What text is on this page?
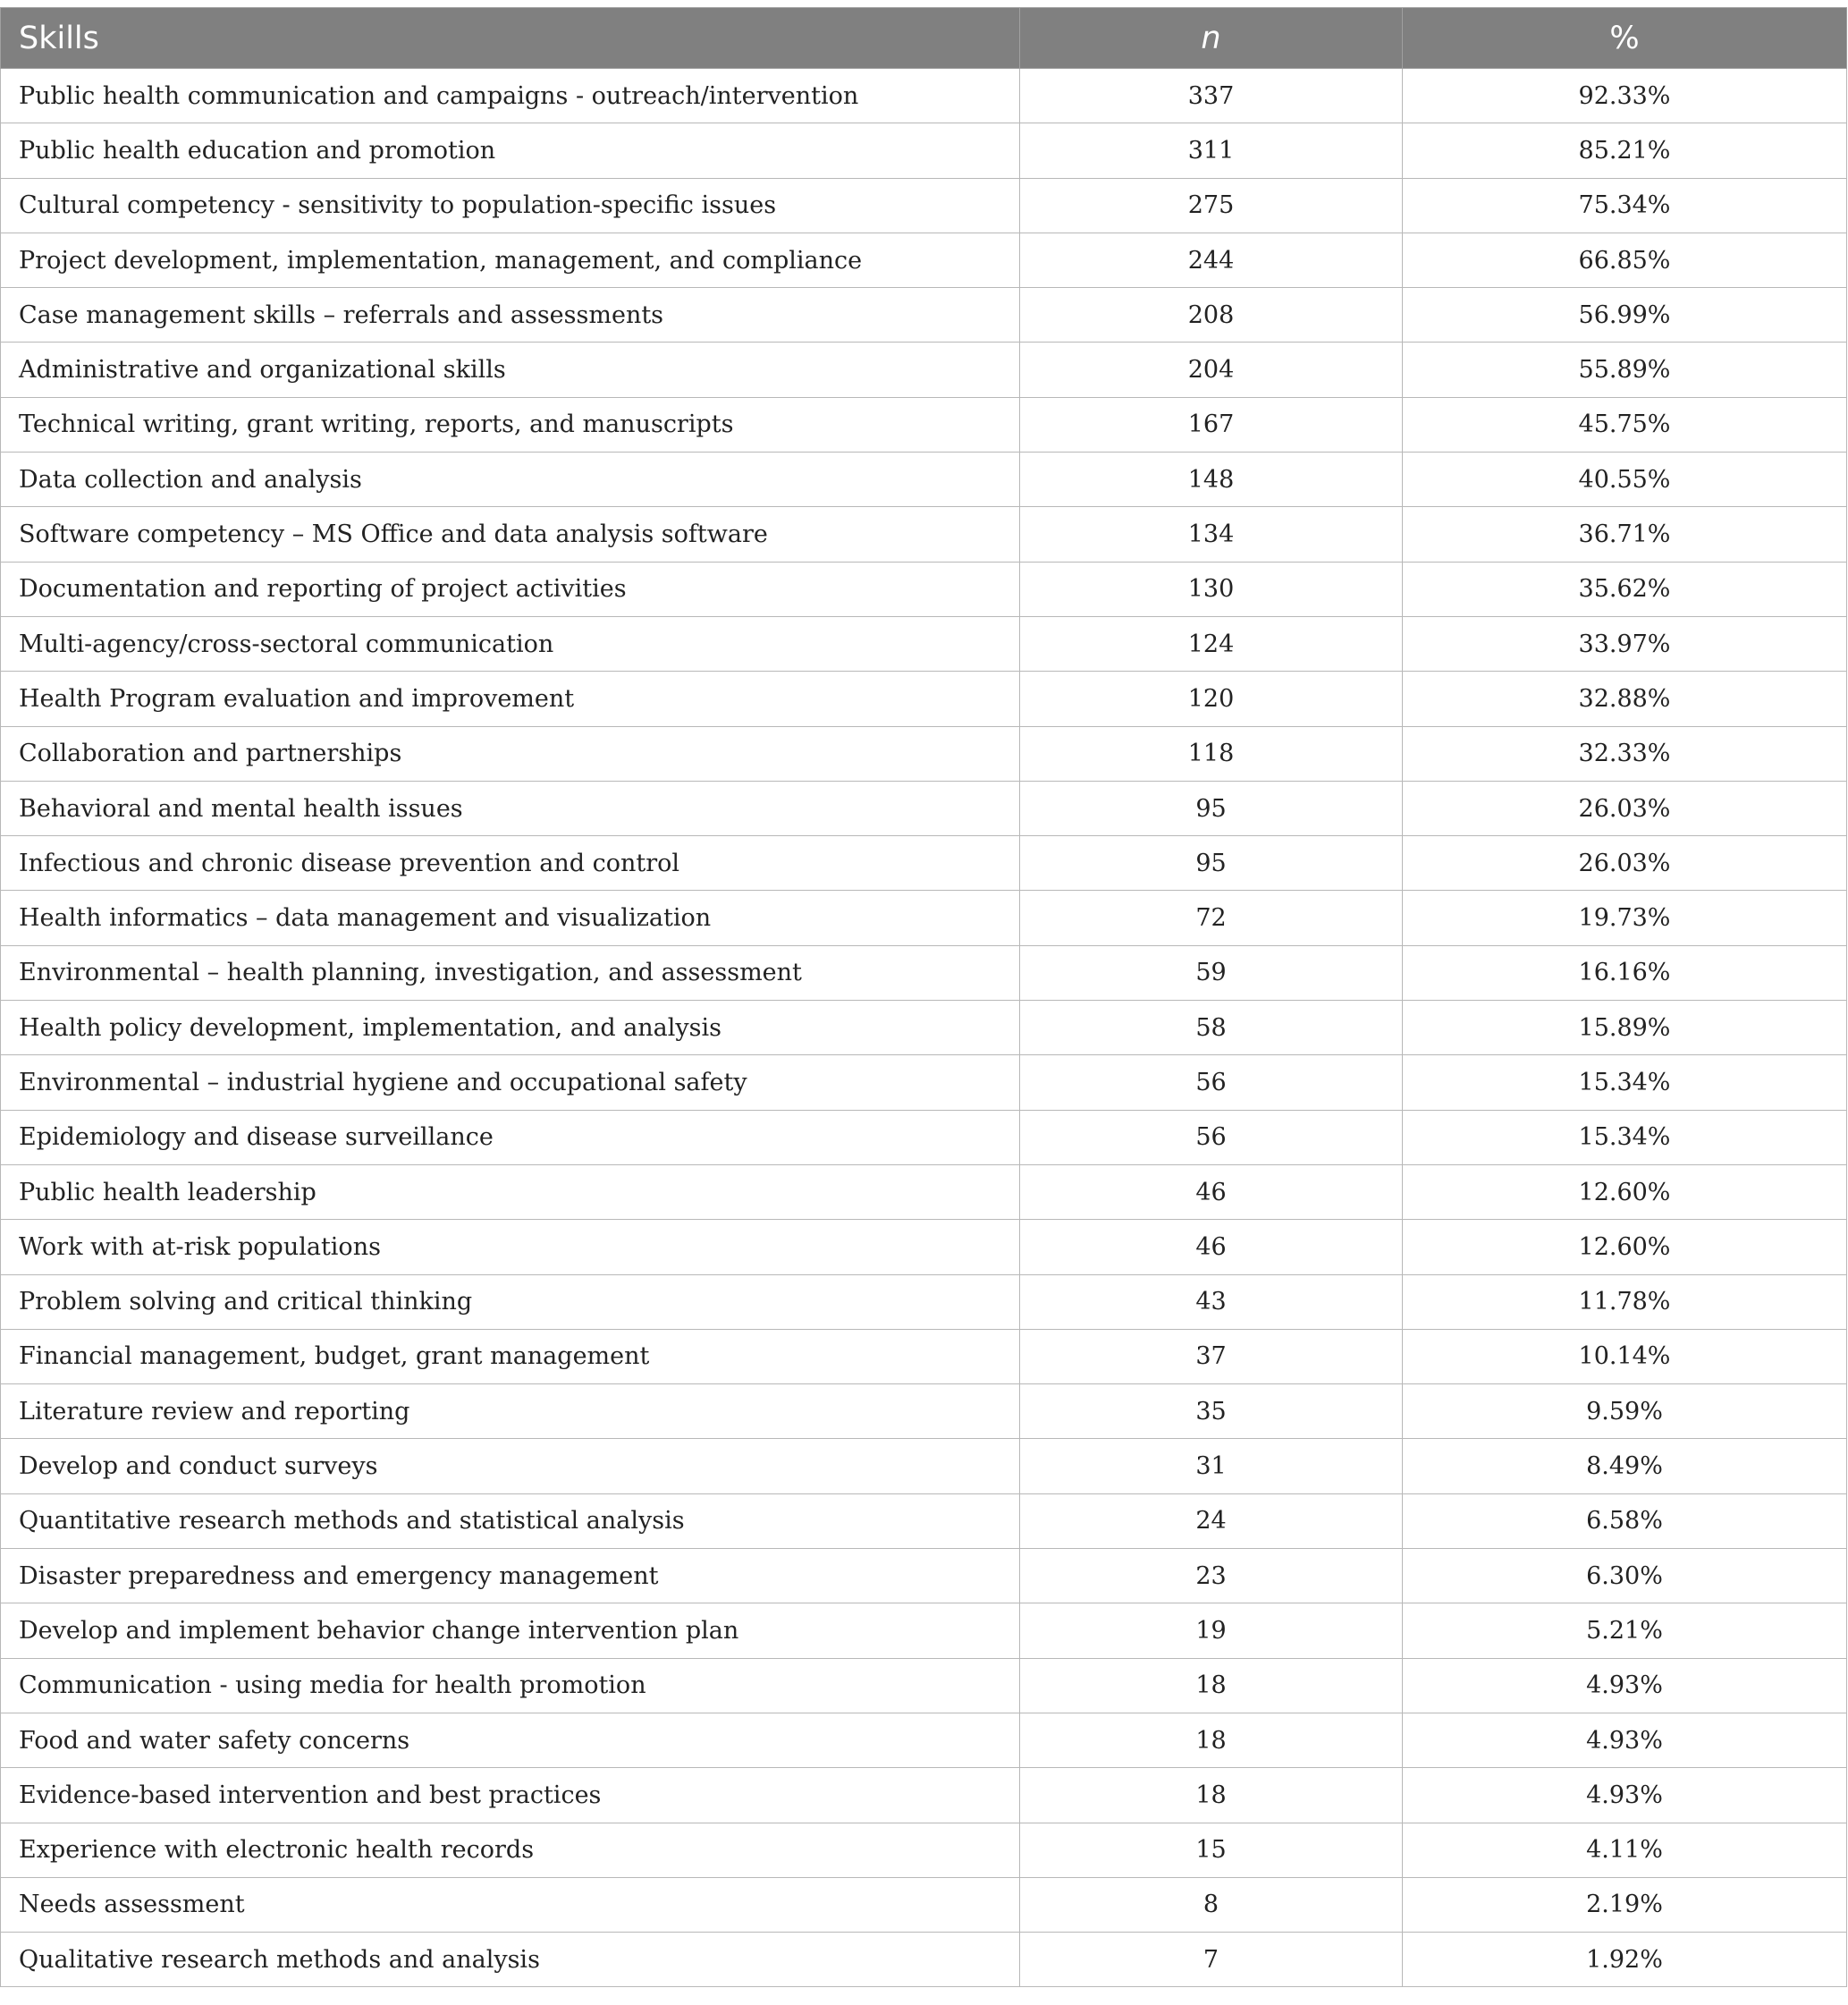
Skills	n	%
Public health communication and campaigns - outreach/intervention	337	92.33%
Public health education and promotion	311	85.21%
Cultural competency - sensitivity to population-specific issues	275	75.34%
Project development, implementation, management, and compliance	244	66.85%
Case management skills – referrals and assessments	208	56.99%
Administrative and organizational skills	204	55.89%
Technical writing, grant writing, reports, and manuscripts	167	45.75%
Data collection and analysis	148	40.55%
Software competency – MS Office and data analysis software	134	36.71%
Documentation and reporting of project activities	130	35.62%
Multi-agency/cross-sectoral communication	124	33.97%
Health Program evaluation and improvement	120	32.88%
Collaboration and partnerships	118	32.33%
Behavioral and mental health issues	95	26.03%
Infectious and chronic disease prevention and control	95	26.03%
Health informatics – data management and visualization	72	19.73%
Environmental – health planning, investigation, and assessment	59	16.16%
Health policy development, implementation, and analysis	58	15.89%
Environmental – industrial hygiene and occupational safety	56	15.34%
Epidemiology and disease surveillance	56	15.34%
Public health leadership	46	12.60%
Work with at-risk populations	46	12.60%
Problem solving and critical thinking	43	11.78%
Financial management, budget, grant management	37	10.14%
Literature review and reporting	35	9.59%
Develop and conduct surveys	31	8.49%
Quantitative research methods and statistical analysis	24	6.58%
Disaster preparedness and emergency management	23	6.30%
Develop and implement behavior change intervention plan	19	5.21%
Communication - using media for health promotion	18	4.93%
Food and water safety concerns	18	4.93%
Evidence-based intervention and best practices	18	4.93%
Experience with electronic health records	15	4.11%
Needs assessment	8	2.19%
Qualitative research methods and analysis	7	1.92%
